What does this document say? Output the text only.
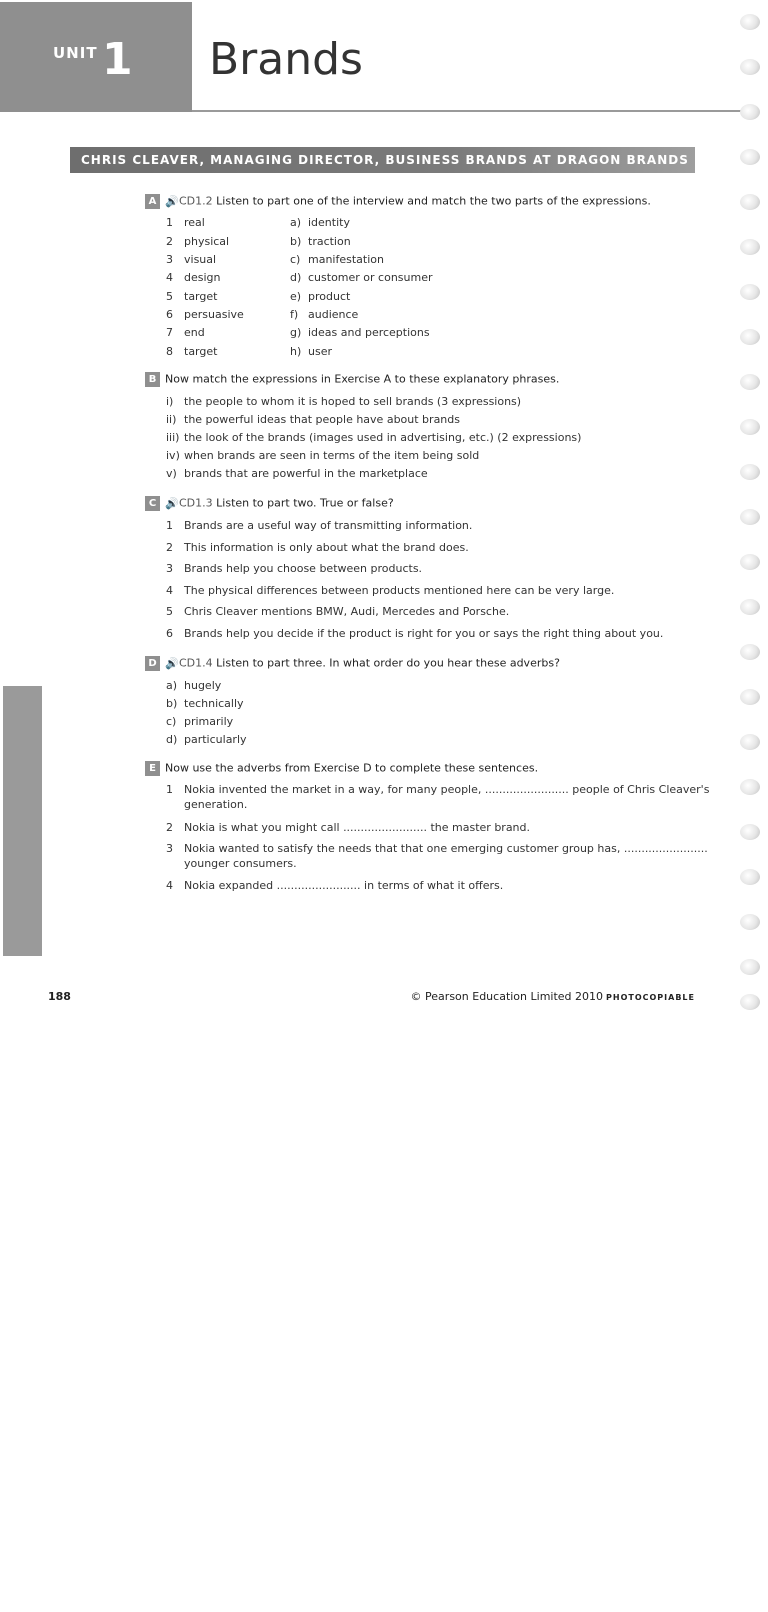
UNIT 1 Brands
CHRIS CLEAVER, MANAGING DIRECTOR, BUSINESS BRANDS AT DRAGON BRANDS
A 🔊CD1.2 Listen to part one of the interview and match the two parts of the expressions.
1 real
2 physical
3 visual
4 design
5 target
6 persuasive
7 end
8 target
a) identity
b) traction
c) manifestation
d) customer or consumer
e) product
f) audience
g) ideas and perceptions
h) user
B Now match the expressions in Exercise A to these explanatory phrases.
i) the people to whom it is hoped to sell brands (3 expressions)
ii) the powerful ideas that people have about brands
iii) the look of the brands (images used in advertising, etc.) (2 expressions)
iv) when brands are seen in terms of the item being sold
v) brands that are powerful in the marketplace
C 🔊CD1.3 Listen to part two. True or false?
1 Brands are a useful way of transmitting information.
2 This information is only about what the brand does.
3 Brands help you choose between products.
4 The physical differences between products mentioned here can be very large.
5 Chris Cleaver mentions BMW, Audi, Mercedes and Porsche.
6 Brands help you decide if the product is right for you or says the right thing about you.
D 🔊CD1.4 Listen to part three. In what order do you hear these adverbs?
a) hugely
b) technically
c) primarily
d) particularly
E Now use the adverbs from Exercise D to complete these sentences.
1 Nokia invented the market in a way, for many people, ........................ people of Chris Cleaver's
generation.
2 Nokia is what you might call ........................ the master brand.
3 Nokia wanted to satisfy the needs that that one emerging customer group has, ........................
younger consumers.
4 Nokia expanded ........................ in terms of what it offers.
RESOURCE BANK – Listening
188	© Pearson Education Limited 2010 PHOTOCOPIABLE
